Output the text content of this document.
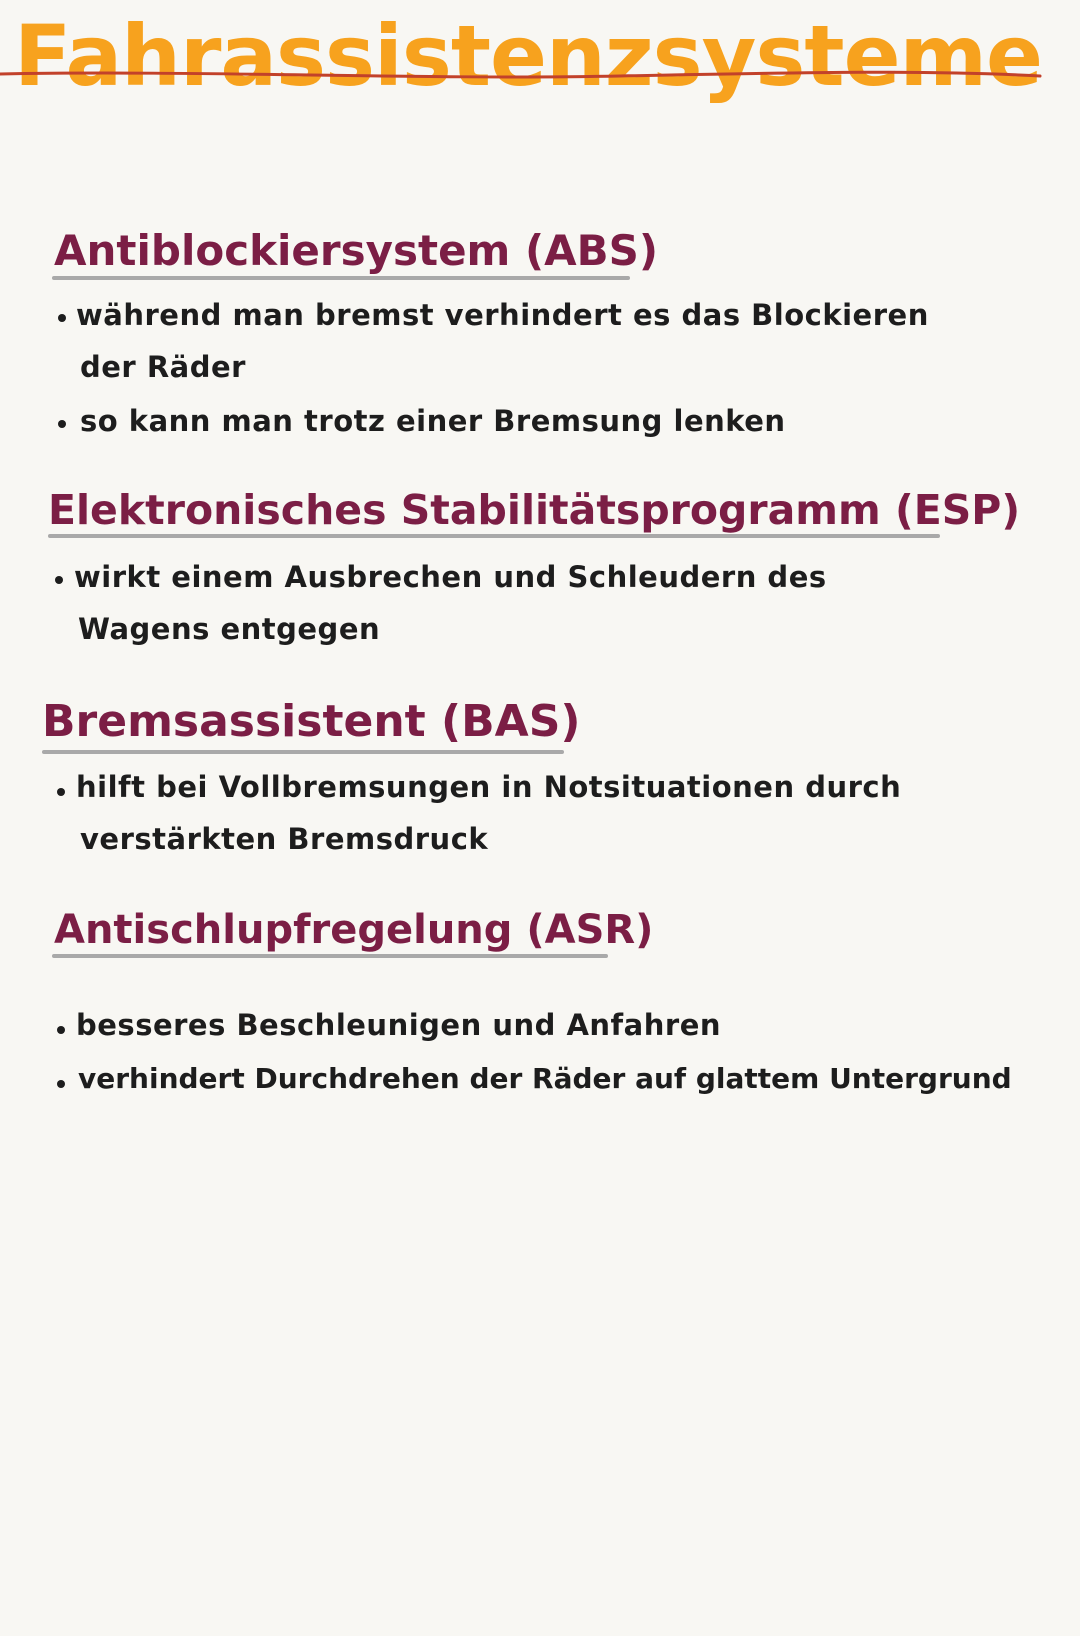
Fahrassistenzsysteme
Antiblockiersystem (ABS)

während man bremst verhindert es das Blockieren

der Räder

so kann man trotz einer Bremsung lenken

Elektronisches Stabilitätsprogramm (ESP)

wirkt einem Ausbrechen und Schleudern des

Wagens entgegen

Bremsassistent (BAS)

hilft bei Vollbremsungen in Notsituationen durch

verstärkten Bremsdruck

Antischlupfregelung (ASR)

besseres Beschleunigen und Anfahren

verhindert Durchdrehen der Räder auf glattem Untergrund
